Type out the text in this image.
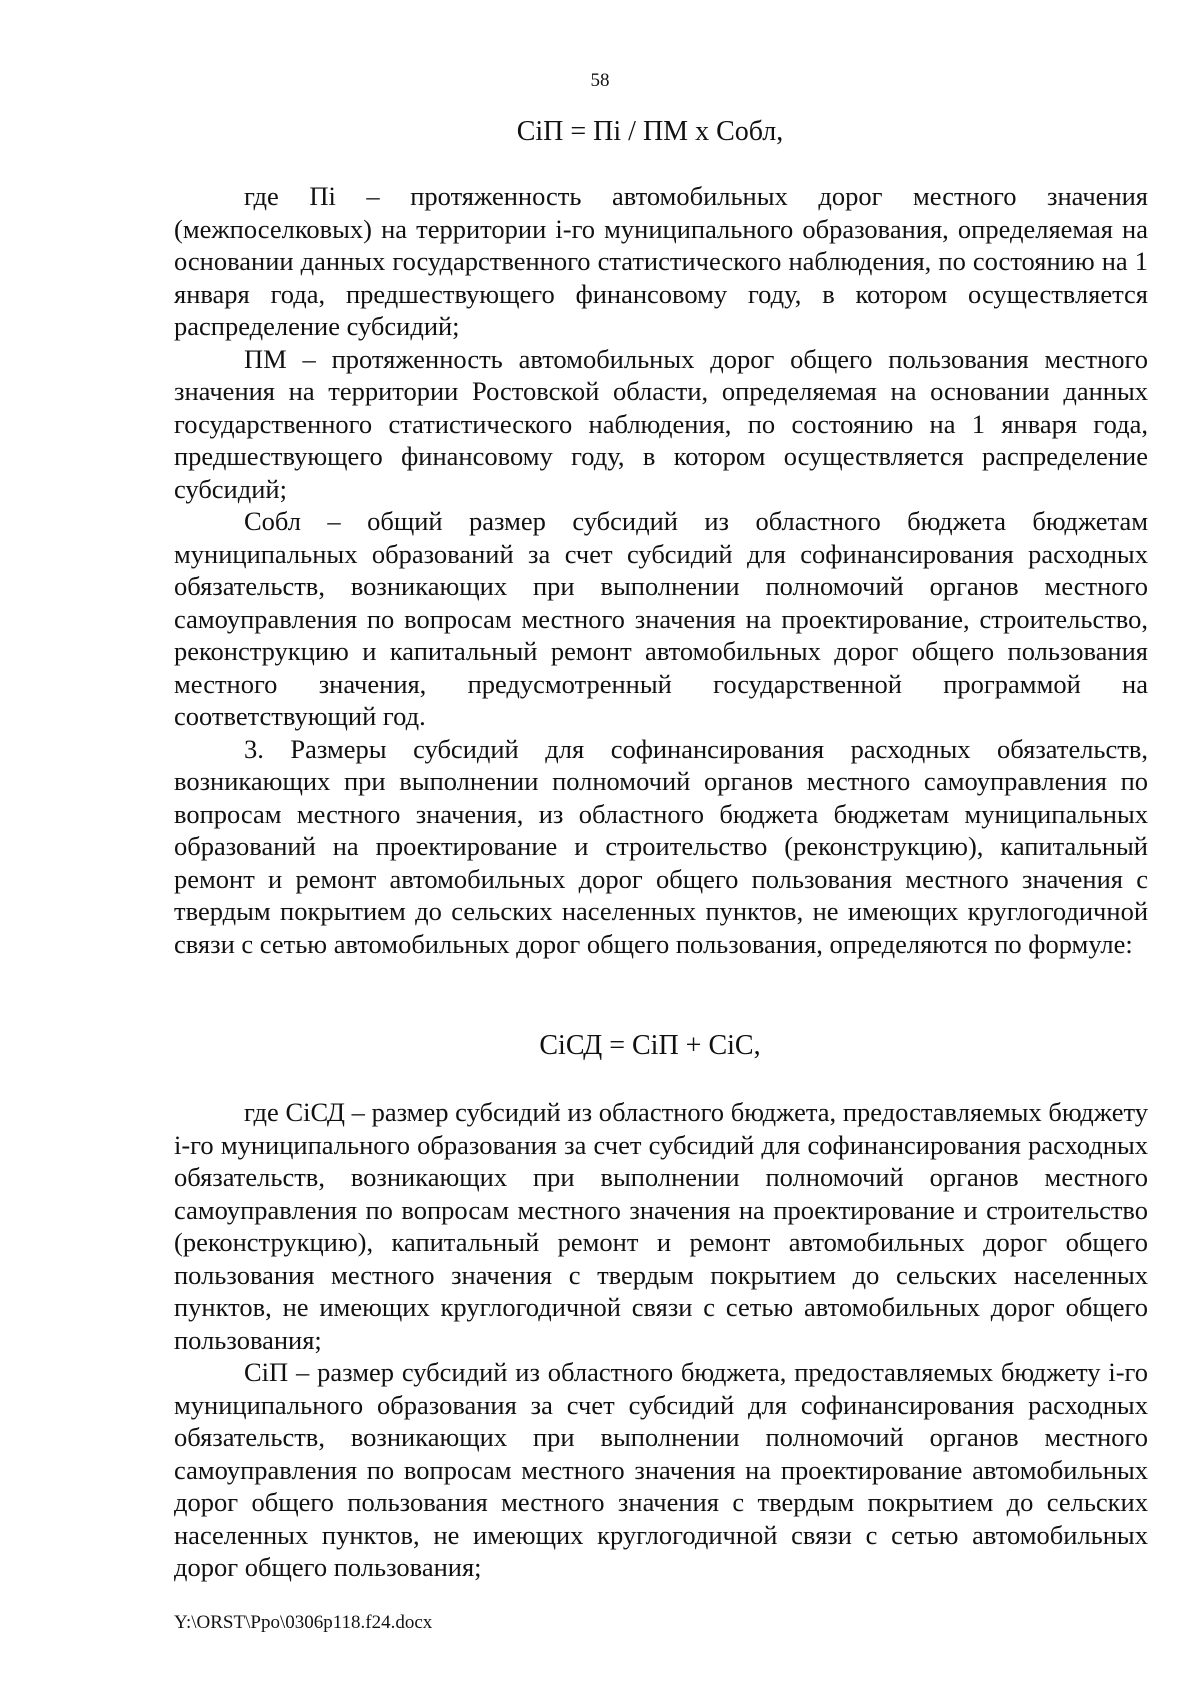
58
СiП = Пi / ПМ х Собл,

где Пi – протяженность автомобильных дорог местного значения (межпоселковых) на территории i-го муниципального образования, определяемая на основании данных государственного статистического наблюдения, по состоянию на 1 января года, предшествующего финансовому году, в котором осуществляется распределение субсидий;

ПМ – протяженность автомобильных дорог общего пользования местного значения на территории Ростовской области, определяемая на основании данных государственного статистического наблюдения, по состоянию на 1 января года, предшествующего финансовому году, в котором осуществляется распределение субсидий;

Собл – общий размер субсидий из областного бюджета бюджетам муниципальных образований за счет субсидий для софинансирования расходных обязательств, возникающих при выполнении полномочий органов местного самоуправления по вопросам местного значения на проектирование, строительство, реконструкцию и капитальный ремонт автомобильных дорог общего пользования местного значения, предусмотренный государственной программой на соответствующий год.

3. Размеры субсидий для софинансирования расходных обязательств, возникающих при выполнении полномочий органов местного самоуправления по вопросам местного значения, из областного бюджета бюджетам муниципальных образований на проектирование и строительство (реконструкцию), капитальный ремонт и ремонт автомобильных дорог общего пользования местного значения с твердым покрытием до сельских населенных пунктов, не имеющих круглогодичной связи с сетью автомобильных дорог общего пользования, определяются по формуле:

СiСД = СiП + СiС,

где СiСД – размер субсидий из областного бюджета, предоставляемых бюджету i-го муниципального образования за счет субсидий для софинансирования расходных обязательств, возникающих при выполнении полномочий органов местного самоуправления по вопросам местного значения на проектирование и строительство (реконструкцию), капитальный ремонт и ремонт автомобильных дорог общего пользования местного значения с твердым покрытием до сельских населенных пунктов, не имеющих круглогодичной связи с сетью автомобильных дорог общего пользования;

СiП – размер субсидий из областного бюджета, предоставляемых бюджету i-го муниципального образования за счет субсидий для софинансирования расходных обязательств, возникающих при выполнении полномочий органов местного самоуправления по вопросам местного значения на проектирование автомобильных дорог общего пользования местного значения с твердым покрытием до сельских населенных пунктов, не имеющих круглогодичной связи с сетью автомобильных дорог общего пользования;

Y:\ORST\Ppo\0306p118.f24.docx
